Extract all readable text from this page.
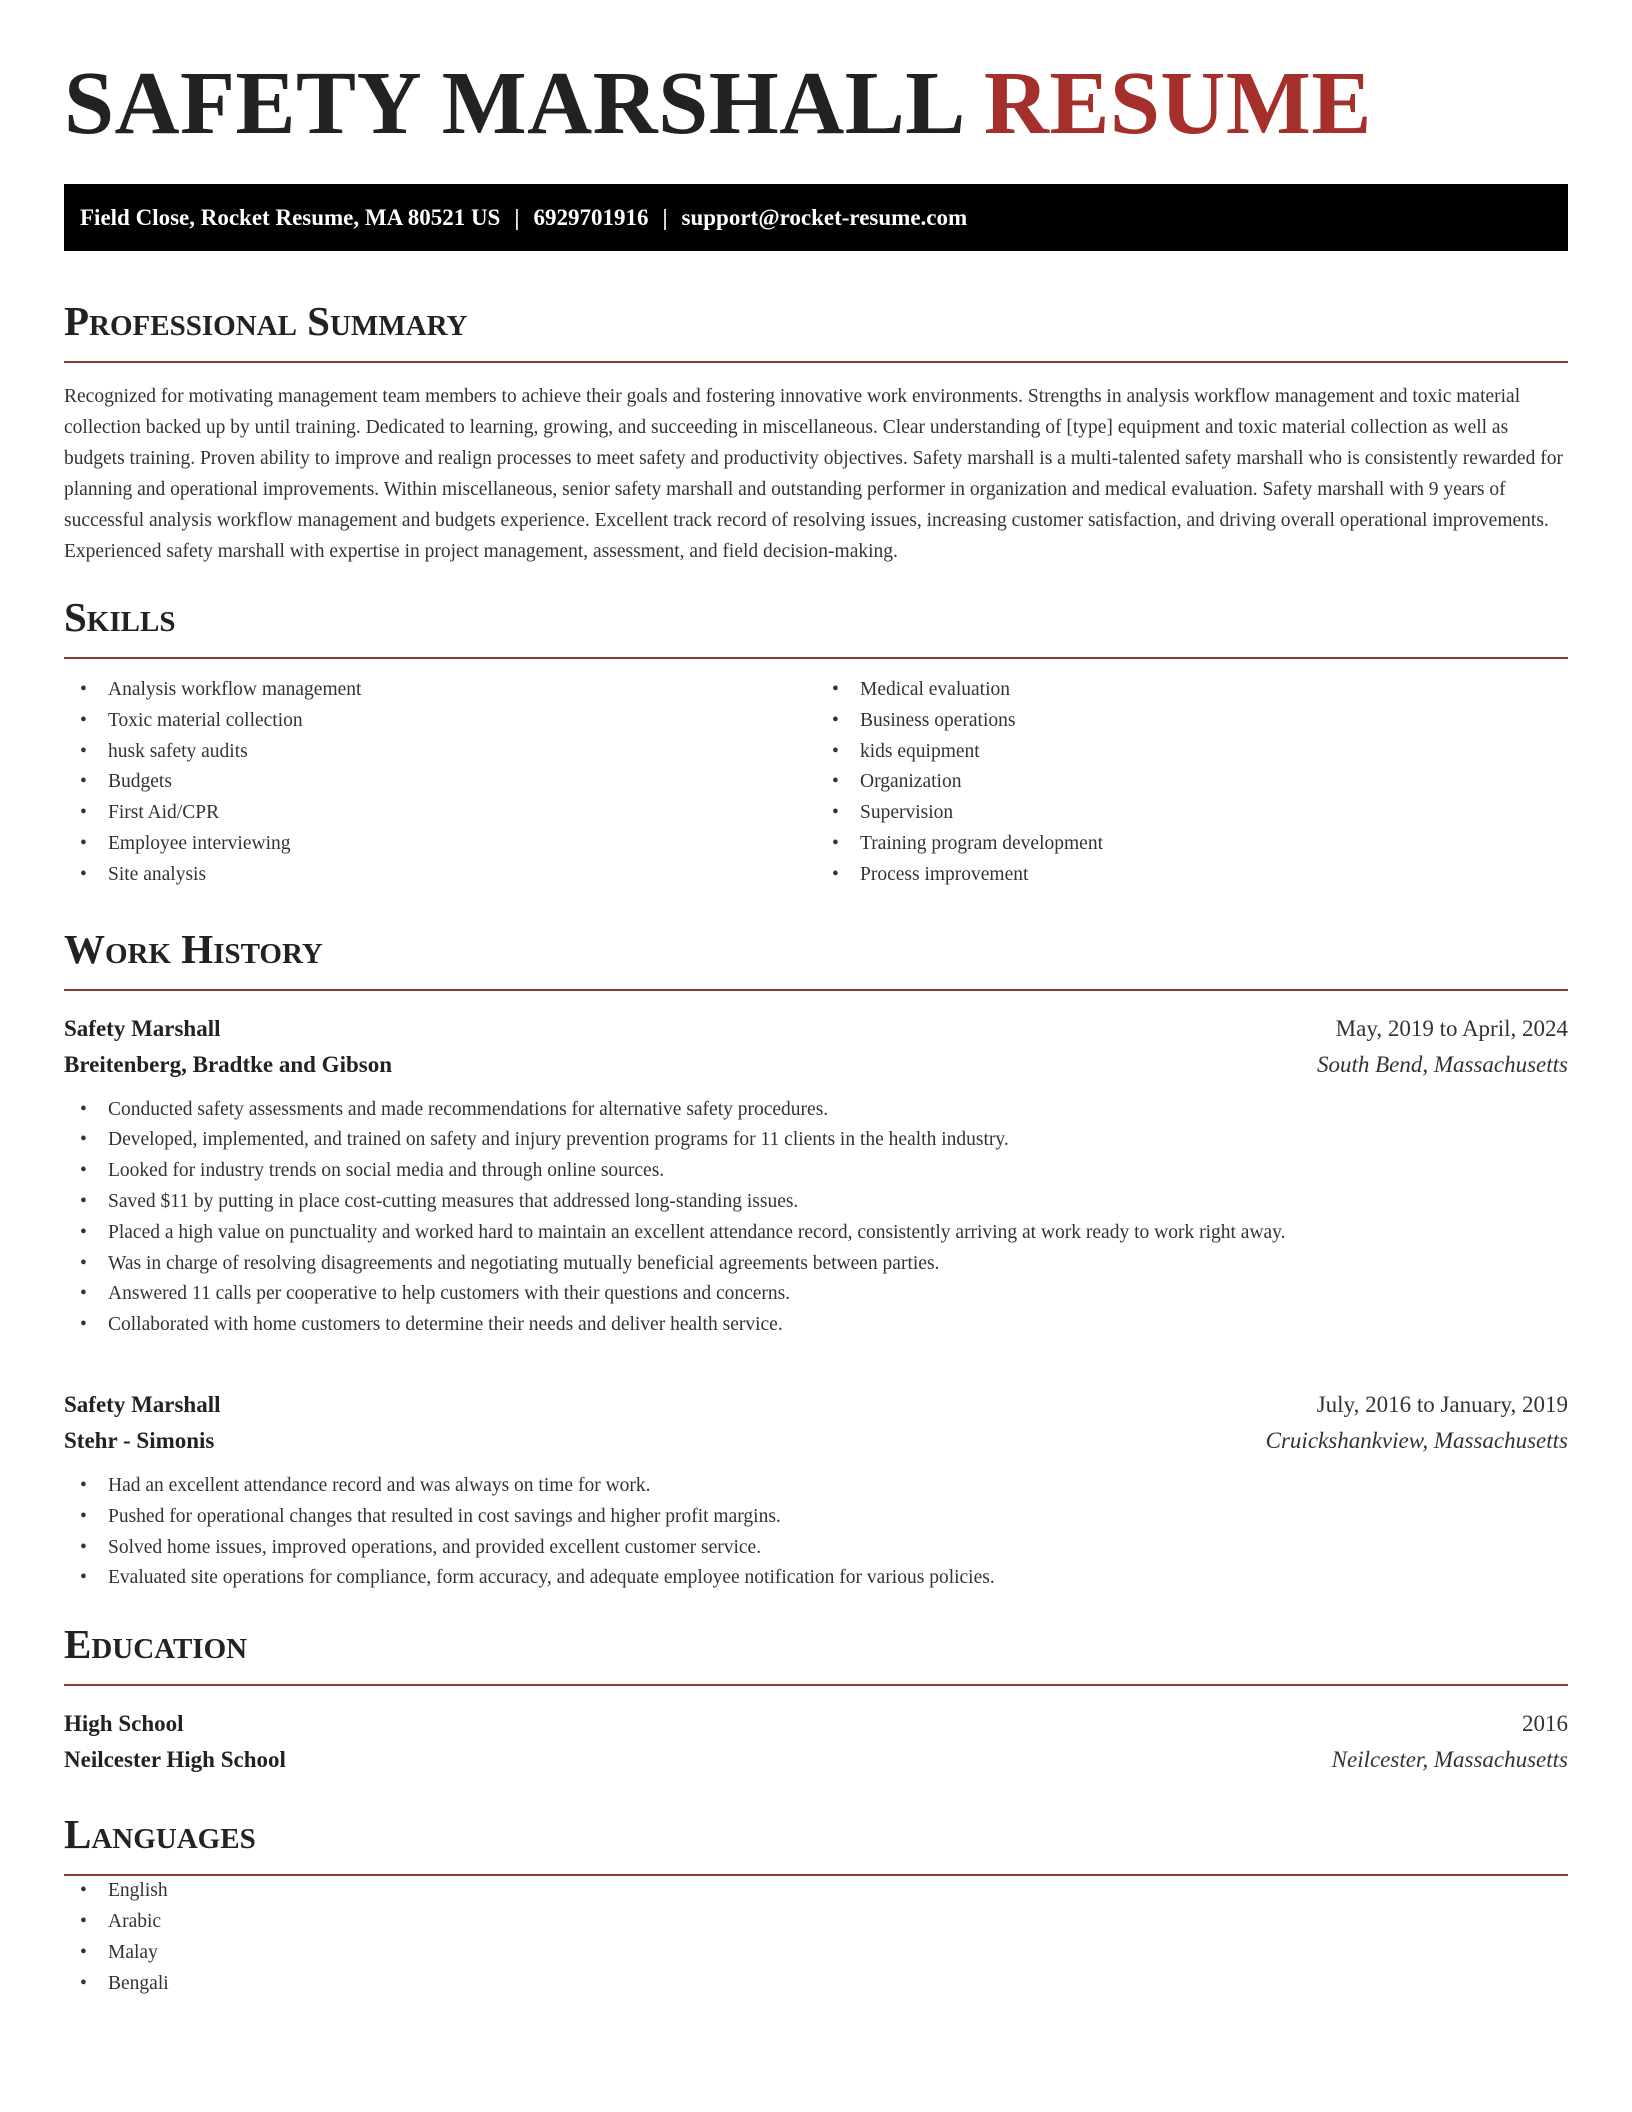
SAFETY MARSHALL RESUME
Field Close, Rocket Resume, MA 80521 US | 6929701916 | support@rocket-resume.com
Professional Summary

Recognized for motivating management team members to achieve their goals and fostering innovative work environments. Strengths in analysis workflow management and toxic material collection backed up by until training. Dedicated to learning, growing, and succeeding in miscellaneous. Clear understanding of [type] equipment and toxic material collection as well as budgets training. Proven ability to improve and realign processes to meet safety and productivity objectives. Safety marshall is a multi-talented safety marshall who is consistently rewarded for planning and operational improvements. Within miscellaneous, senior safety marshall and outstanding performer in organization and medical evaluation. Safety marshall with 9 years of successful analysis workflow management and budgets experience. Excellent track record of resolving issues, increasing customer satisfaction, and driving overall operational improvements. Experienced safety marshall with expertise in project management, assessment, and field decision-making.

Skills
• Analysis workflow management
• Toxic material collection
• husk safety audits
• Budgets
• First Aid/CPR
• Employee interviewing
• Site analysis
• Medical evaluation
• Business operations
• kids equipment
• Organization
• Supervision
• Training program development
• Process improvement
Work History
Safety Marshall	May, 2019 to April, 2024
Breitenberg, Bradtke and Gibson	South Bend, Massachusetts
• Conducted safety assessments and made recommendations for alternative safety procedures.
• Developed, implemented, and trained on safety and injury prevention programs for 11 clients in the health industry.
• Looked for industry trends on social media and through online sources.
• Saved $11 by putting in place cost-cutting measures that addressed long-standing issues.
• Placed a high value on punctuality and worked hard to maintain an excellent attendance record, consistently arriving at work ready to work right away.
• Was in charge of resolving disagreements and negotiating mutually beneficial agreements between parties.
• Answered 11 calls per cooperative to help customers with their questions and concerns.
• Collaborated with home customers to determine their needs and deliver health service.
Safety Marshall	July, 2016 to January, 2019
Stehr - Simonis	Cruickshankview, Massachusetts
• Had an excellent attendance record and was always on time for work.
• Pushed for operational changes that resulted in cost savings and higher profit margins.
• Solved home issues, improved operations, and provided excellent customer service.
• Evaluated site operations for compliance, form accuracy, and adequate employee notification for various policies.
Education
High School	2016
Neilcester High School	Neilcester, Massachusetts
Languages
• English
• Arabic
• Malay
• Bengali
